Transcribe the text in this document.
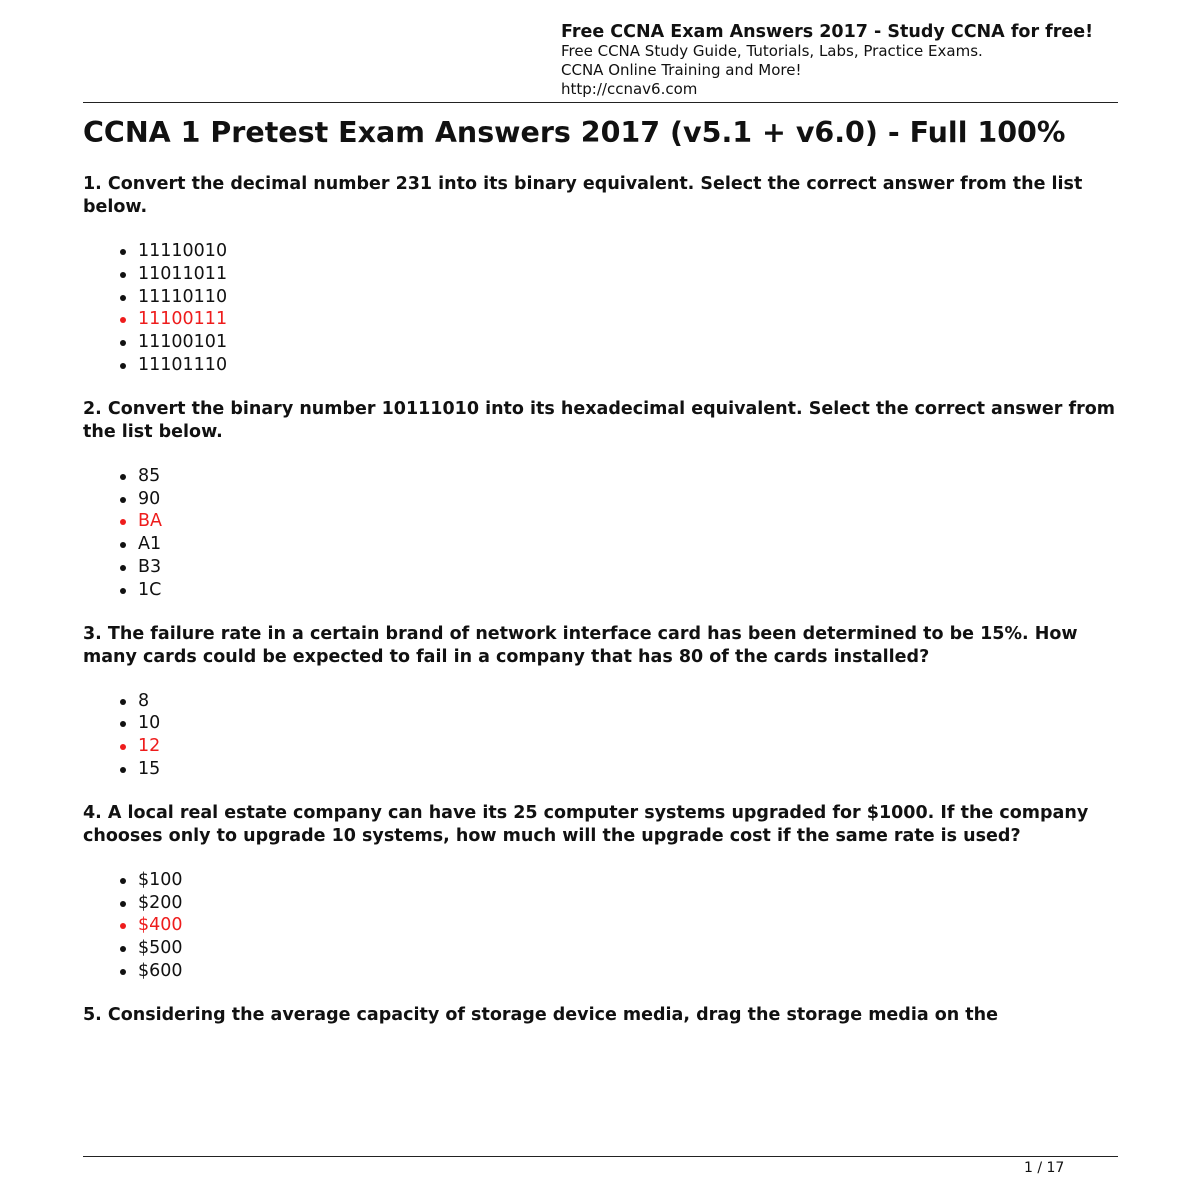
Free CCNA Exam Answers 2017 - Study CCNA for free!
Free CCNA Study Guide, Tutorials, Labs, Practice Exams.
CCNA Online Training and More!
http://ccnav6.com
CCNA 1 Pretest Exam Answers 2017 (v5.1 + v6.0) - Full 100%

1. Convert the decimal number 231 into its binary equivalent. Select the correct answer from the list below.

11110010
11011011
11110110
11100111
11100101
11101110

2. Convert the binary number 10111010 into its hexadecimal equivalent. Select the correct answer from the list below.

85
90
BA
A1
B3
1C

3. The failure rate in a certain brand of network interface card has been determined to be 15%. How many cards could be expected to fail in a company that has 80 of the cards installed?

8
10
12
15

4. A local real estate company can have its 25 computer systems upgraded for $1000. If the company chooses only to upgrade 10 systems, how much will the upgrade cost if the same rate is used?

$100
$200
$400
$500
$600

5. Considering the average capacity of storage device media, drag the storage media on the

1 / 17
